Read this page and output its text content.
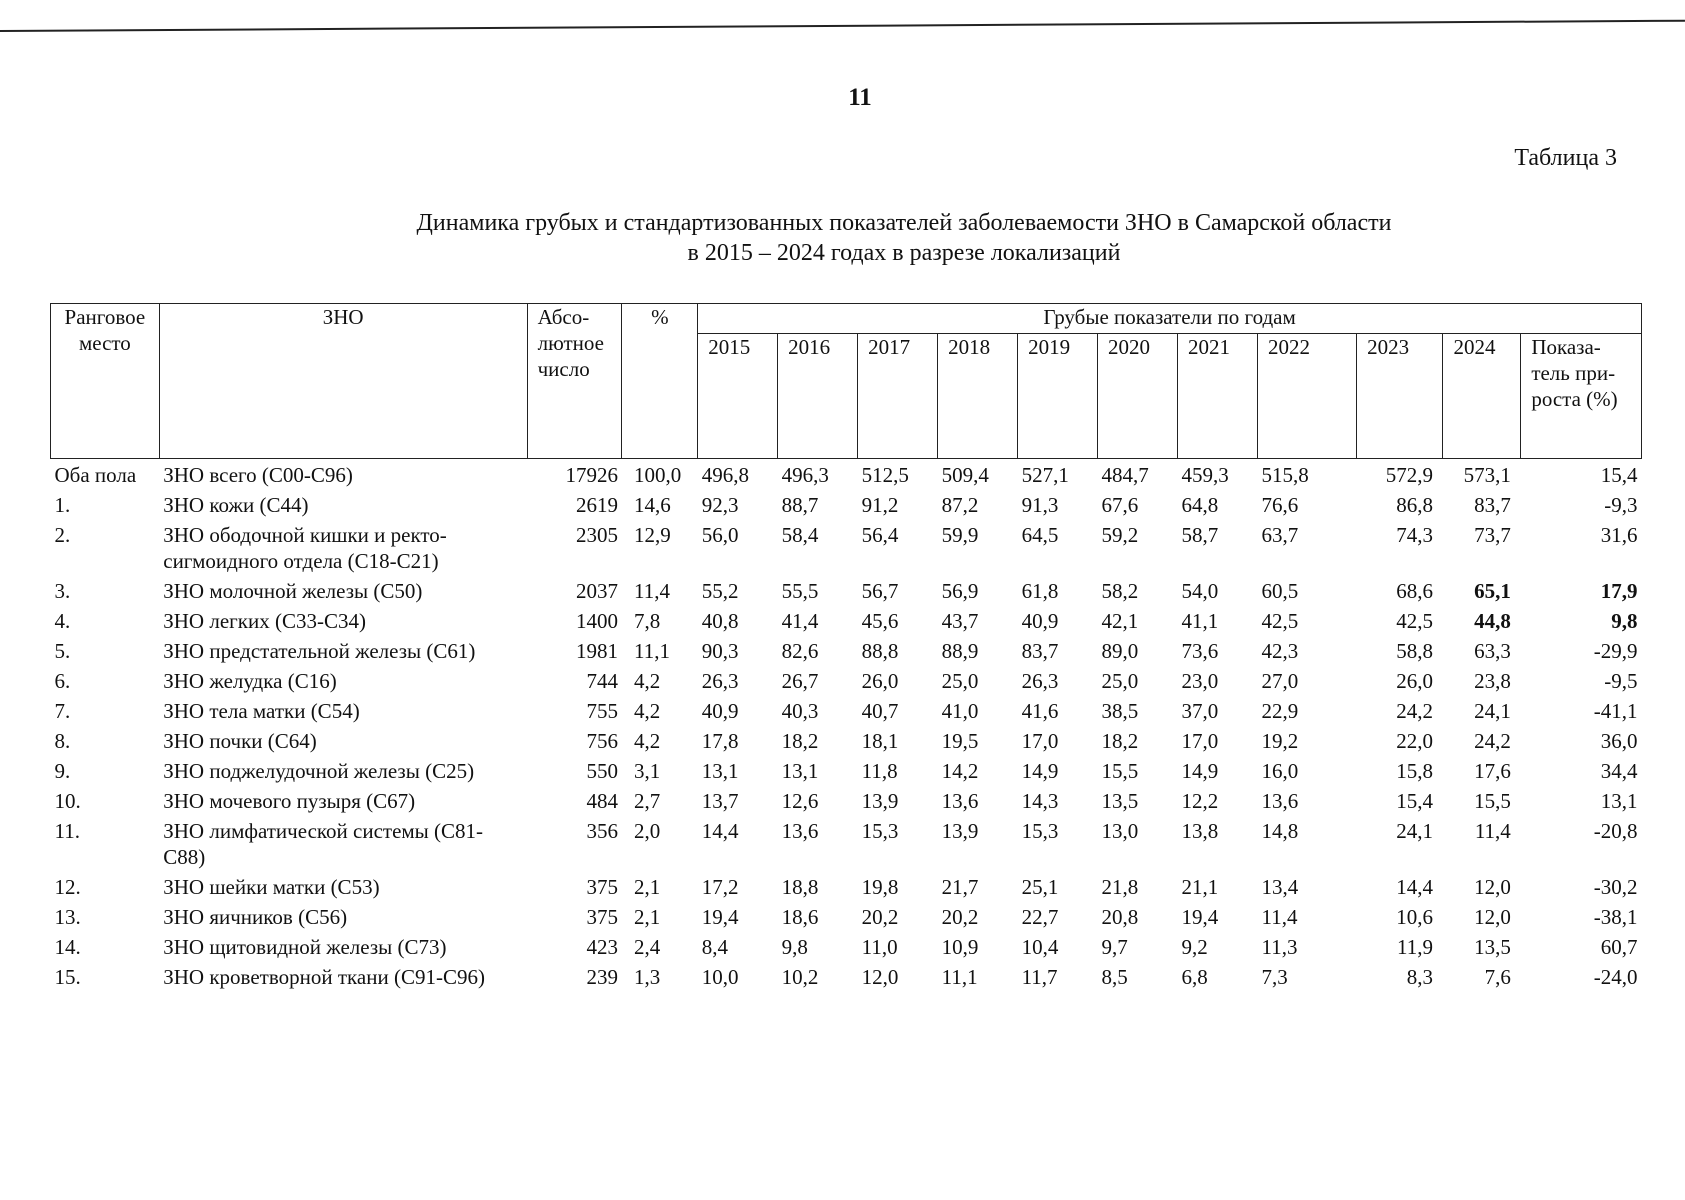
11
Таблица 3
Динамика грубых и стандартизованных показателей заболеваемости ЗНО в Самарской области
в 2015 – 2024 годах в разрезе локализаций
Ранговое место	ЗНО	Абсо-лютное число	%	Грубые показатели по годам										
				2015	2016	2017	2018	2019	2020	2021	2022	2023	2024	Показа-тель при-роста (%)
Оба пола	ЗНО всего (С00-С96)	17926	100,0	496,8	496,3	512,5	509,4	527,1	484,7	459,3	515,8	572,9	573,1	15,4
1.	ЗНО кожи (С44)	2619	14,6	92,3	88,7	91,2	87,2	91,3	67,6	64,8	76,6	86,8	83,7	-9,3
2.	ЗНО ободочной кишки и ректо-сигмоидного отдела (С18-С21)	2305	12,9	56,0	58,4	56,4	59,9	64,5	59,2	58,7	63,7	74,3	73,7	31,6
3.	ЗНО молочной железы (С50)	2037	11,4	55,2	55,5	56,7	56,9	61,8	58,2	54,0	60,5	68,6	65,1	17,9
4.	ЗНО легких (С33-С34)	1400	7,8	40,8	41,4	45,6	43,7	40,9	42,1	41,1	42,5	42,5	44,8	9,8
5.	ЗНО предстательной железы (С61)	1981	11,1	90,3	82,6	88,8	88,9	83,7	89,0	73,6	42,3	58,8	63,3	-29,9
6.	ЗНО желудка (С16)	744	4,2	26,3	26,7	26,0	25,0	26,3	25,0	23,0	27,0	26,0	23,8	-9,5
7.	ЗНО тела матки (С54)	755	4,2	40,9	40,3	40,7	41,0	41,6	38,5	37,0	22,9	24,2	24,1	-41,1
8.	ЗНО почки (С64)	756	4,2	17,8	18,2	18,1	19,5	17,0	18,2	17,0	19,2	22,0	24,2	36,0
9.	ЗНО поджелудочной железы (С25)	550	3,1	13,1	13,1	11,8	14,2	14,9	15,5	14,9	16,0	15,8	17,6	34,4
10.	ЗНО мочевого пузыря (С67)	484	2,7	13,7	12,6	13,9	13,6	14,3	13,5	12,2	13,6	15,4	15,5	13,1
11.	ЗНО лимфатической системы (С81-С88)	356	2,0	14,4	13,6	15,3	13,9	15,3	13,0	13,8	14,8	24,1	11,4	-20,8
12.	ЗНО шейки матки (С53)	375	2,1	17,2	18,8	19,8	21,7	25,1	21,8	21,1	13,4	14,4	12,0	-30,2
13.	ЗНО яичников (С56)	375	2,1	19,4	18,6	20,2	20,2	22,7	20,8	19,4	11,4	10,6	12,0	-38,1
14.	ЗНО щитовидной железы (С73)	423	2,4	8,4	9,8	11,0	10,9	10,4	9,7	9,2	11,3	11,9	13,5	60,7
15.	ЗНО кроветворной ткани (С91-С96)	239	1,3	10,0	10,2	12,0	11,1	11,7	8,5	6,8	7,3	8,3	7,6	-24,0
